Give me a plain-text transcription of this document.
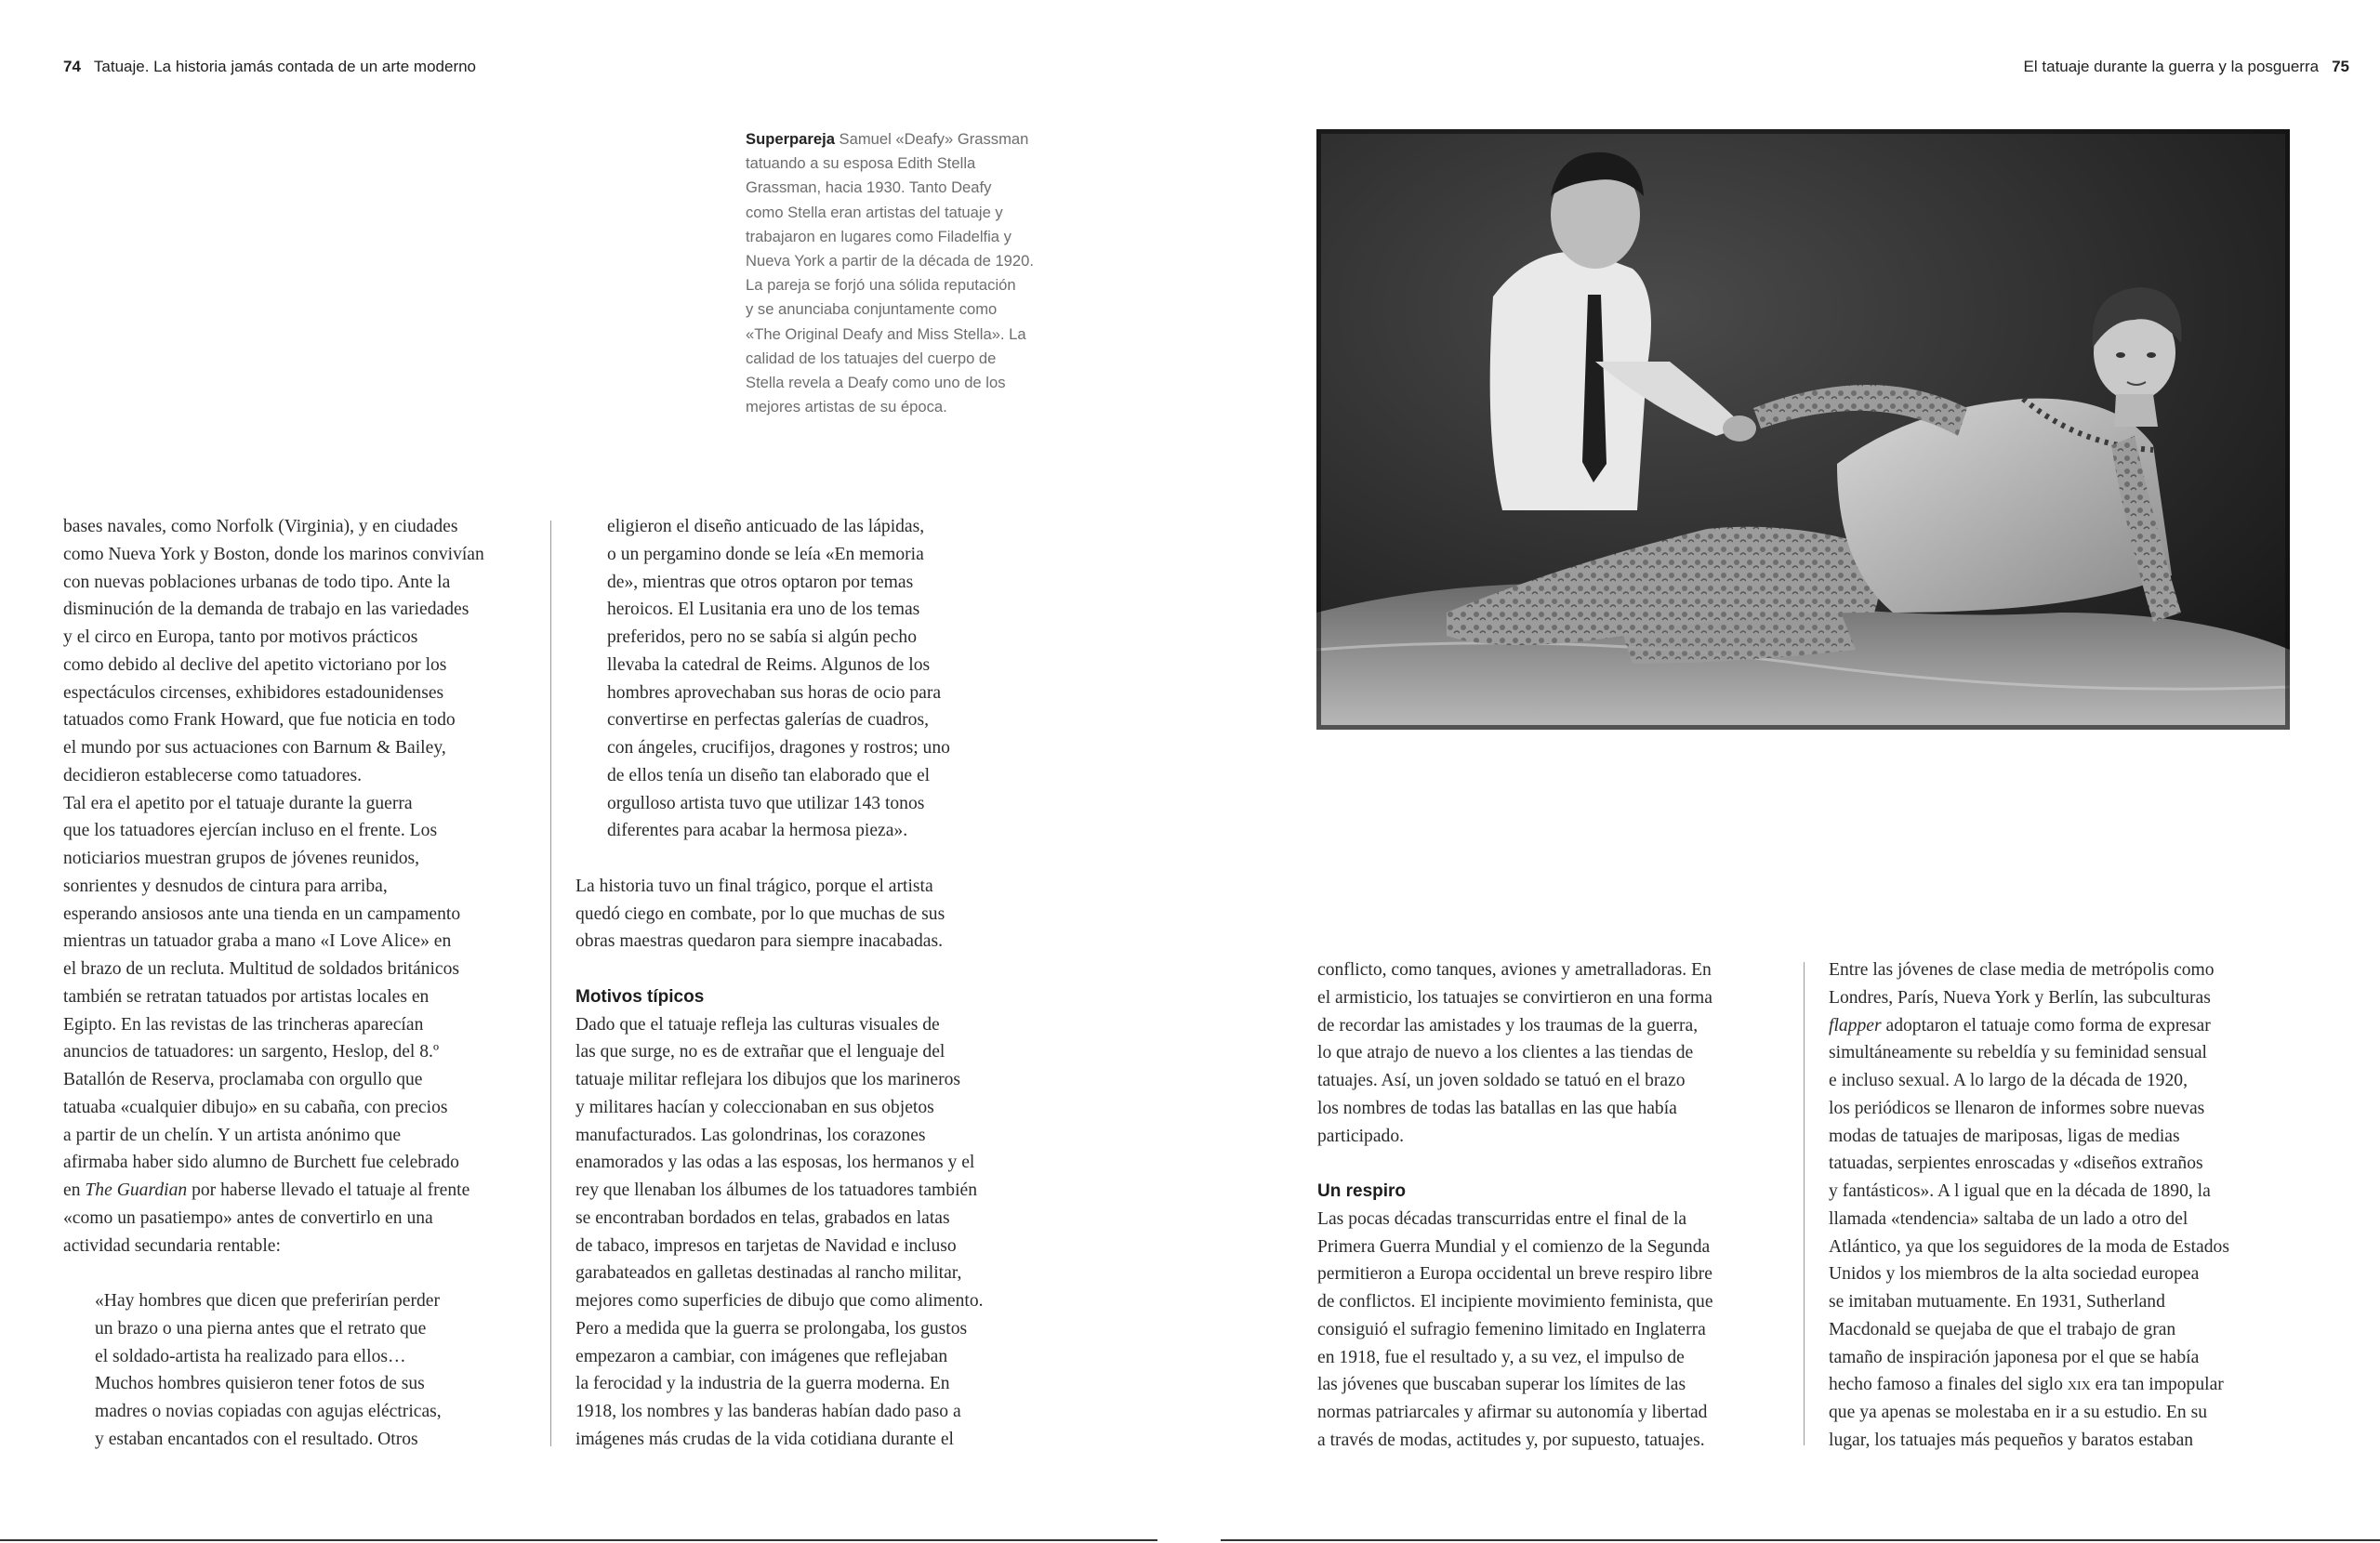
74 Tatuaje. La historia jamás contada de un arte moderno
Superpareja Samuel «Deafy» Grassman
tatuando a su esposa Edith Stella
Grassman, hacia 1930. Tanto Deafy
como Stella eran artistas del tatuaje y
trabajaron en lugares como Filadelfia y
Nueva York a partir de la década de 1920.
La pareja se forjó una sólida reputación
y se anunciaba conjuntamente como
«The Original Deafy and Miss Stella». La
calidad de los tatuajes del cuerpo de
Stella revela a Deafy como uno de los
mejores artistas de su época.

bases navales, como Norfolk (Virginia), y en ciudades
como Nueva York y Boston, donde los marinos convivían
con nuevas poblaciones urbanas de todo tipo. Ante la
disminución de la demanda de trabajo en las variedades
y el circo en Europa, tanto por motivos prácticos
como debido al declive del apetito victoriano por los
espectáculos circenses, exhibidores estadounidenses
tatuados como Frank Howard, que fue noticia en todo
el mundo por sus actuaciones con Barnum & Bailey,
decidieron establecerse como tatuadores.

Tal era el apetito por el tatuaje durante la guerra
que los tatuadores ejercían incluso en el frente. Los
noticiarios muestran grupos de jóvenes reunidos,
sonrientes y desnudos de cintura para arriba,
esperando ansiosos ante una tienda en un campamento
mientras un tatuador graba a mano «I Love Alice» en
el brazo de un recluta. Multitud de soldados británicos
también se retratan tatuados por artistas locales en
Egipto. En las revistas de las trincheras aparecían
anuncios de tatuadores: un sargento, Heslop, del 8.º
Batallón de Reserva, proclamaba con orgullo que
tatuaba «cualquier dibujo» en su cabaña, con precios
a partir de un chelín. Y un artista anónimo que
afirmaba haber sido alumno de Burchett fue celebrado
en The Guardian por haberse llevado el tatuaje al frente
«como un pasatiempo» antes de convertirlo en una
actividad secundaria rentable:

«Hay hombres que dicen que preferirían perder
un brazo o una pierna antes que el retrato que
el soldado-artista ha realizado para ellos…
Muchos hombres quisieron tener fotos de sus
madres o novias copiadas con agujas eléctricas,
y estaban encantados con el resultado. Otros

eligieron el diseño anticuado de las lápidas,
o un pergamino donde se leía «En memoria
de», mientras que otros optaron por temas
heroicos. El Lusitania era uno de los temas
preferidos, pero no se sabía si algún pecho
llevaba la catedral de Reims. Algunos de los
hombres aprovechaban sus horas de ocio para
convertirse en perfectas galerías de cuadros,
con ángeles, crucifijos, dragones y rostros; uno
de ellos tenía un diseño tan elaborado que el
orgulloso artista tuvo que utilizar 143 tonos
diferentes para acabar la hermosa pieza».

La historia tuvo un final trágico, porque el artista
quedó ciego en combate, por lo que muchas de sus
obras maestras quedaron para siempre inacabadas.

Motivos típicos

Dado que el tatuaje refleja las culturas visuales de
las que surge, no es de extrañar que el lenguaje del
tatuaje militar reflejara los dibujos que los marineros
y militares hacían y coleccionaban en sus objetos
manufacturados. Las golondrinas, los corazones
enamorados y las odas a las esposas, los hermanos y el
rey que llenaban los álbumes de los tatuadores también
se encontraban bordados en telas, grabados en latas
de tabaco, impresos en tarjetas de Navidad e incluso
garabateados en galletas destinadas al rancho militar,
mejores como superficies de dibujo que como alimento.
Pero a medida que la guerra se prolongaba, los gustos
empezaron a cambiar, con imágenes que reflejaban
la ferocidad y la industria de la guerra moderna. En
1918, los nombres y las banderas habían dado paso a
imágenes más crudas de la vida cotidiana durante el

El tatuaje durante la guerra y la posguerra 75

conflicto, como tanques, aviones y ametralladoras. En
el armisticio, los tatuajes se convirtieron en una forma
de recordar las amistades y los traumas de la guerra,
lo que atrajo de nuevo a los clientes a las tiendas de
tatuajes. Así, un joven soldado se tatuó en el brazo
los nombres de todas las batallas en las que había
participado.

Un respiro

Las pocas décadas transcurridas entre el final de la
Primera Guerra Mundial y el comienzo de la Segunda
permitieron a Europa occidental un breve respiro libre
de conflictos. El incipiente movimiento feminista, que
consiguió el sufragio femenino limitado en Inglaterra
en 1918, fue el resultado y, a su vez, el impulso de
las jóvenes que buscaban superar los límites de las
normas patriarcales y afirmar su autonomía y libertad
a través de modas, actitudes y, por supuesto, tatuajes.

Entre las jóvenes de clase media de metrópolis como
Londres, París, Nueva York y Berlín, las subculturas
flapper adoptaron el tatuaje como forma de expresar
simultáneamente su rebeldía y su feminidad sensual
e incluso sexual. A lo largo de la década de 1920,
los periódicos se llenaron de informes sobre nuevas
modas de tatuajes de mariposas, ligas de medias
tatuadas, serpientes enroscadas y «diseños extraños
y fantásticos». A l igual que en la década de 1890, la
llamada «tendencia» saltaba de un lado a otro del
Atlántico, ya que los seguidores de la moda de Estados
Unidos y los miembros de la alta sociedad europea
se imitaban mutuamente. En 1931, Sutherland
Macdonald se quejaba de que el trabajo de gran
tamaño de inspiración japonesa por el que se había
hecho famoso a finales del siglo xix era tan impopular
que ya apenas se molestaba en ir a su estudio. En su
lugar, los tatuajes más pequeños y baratos estaban
